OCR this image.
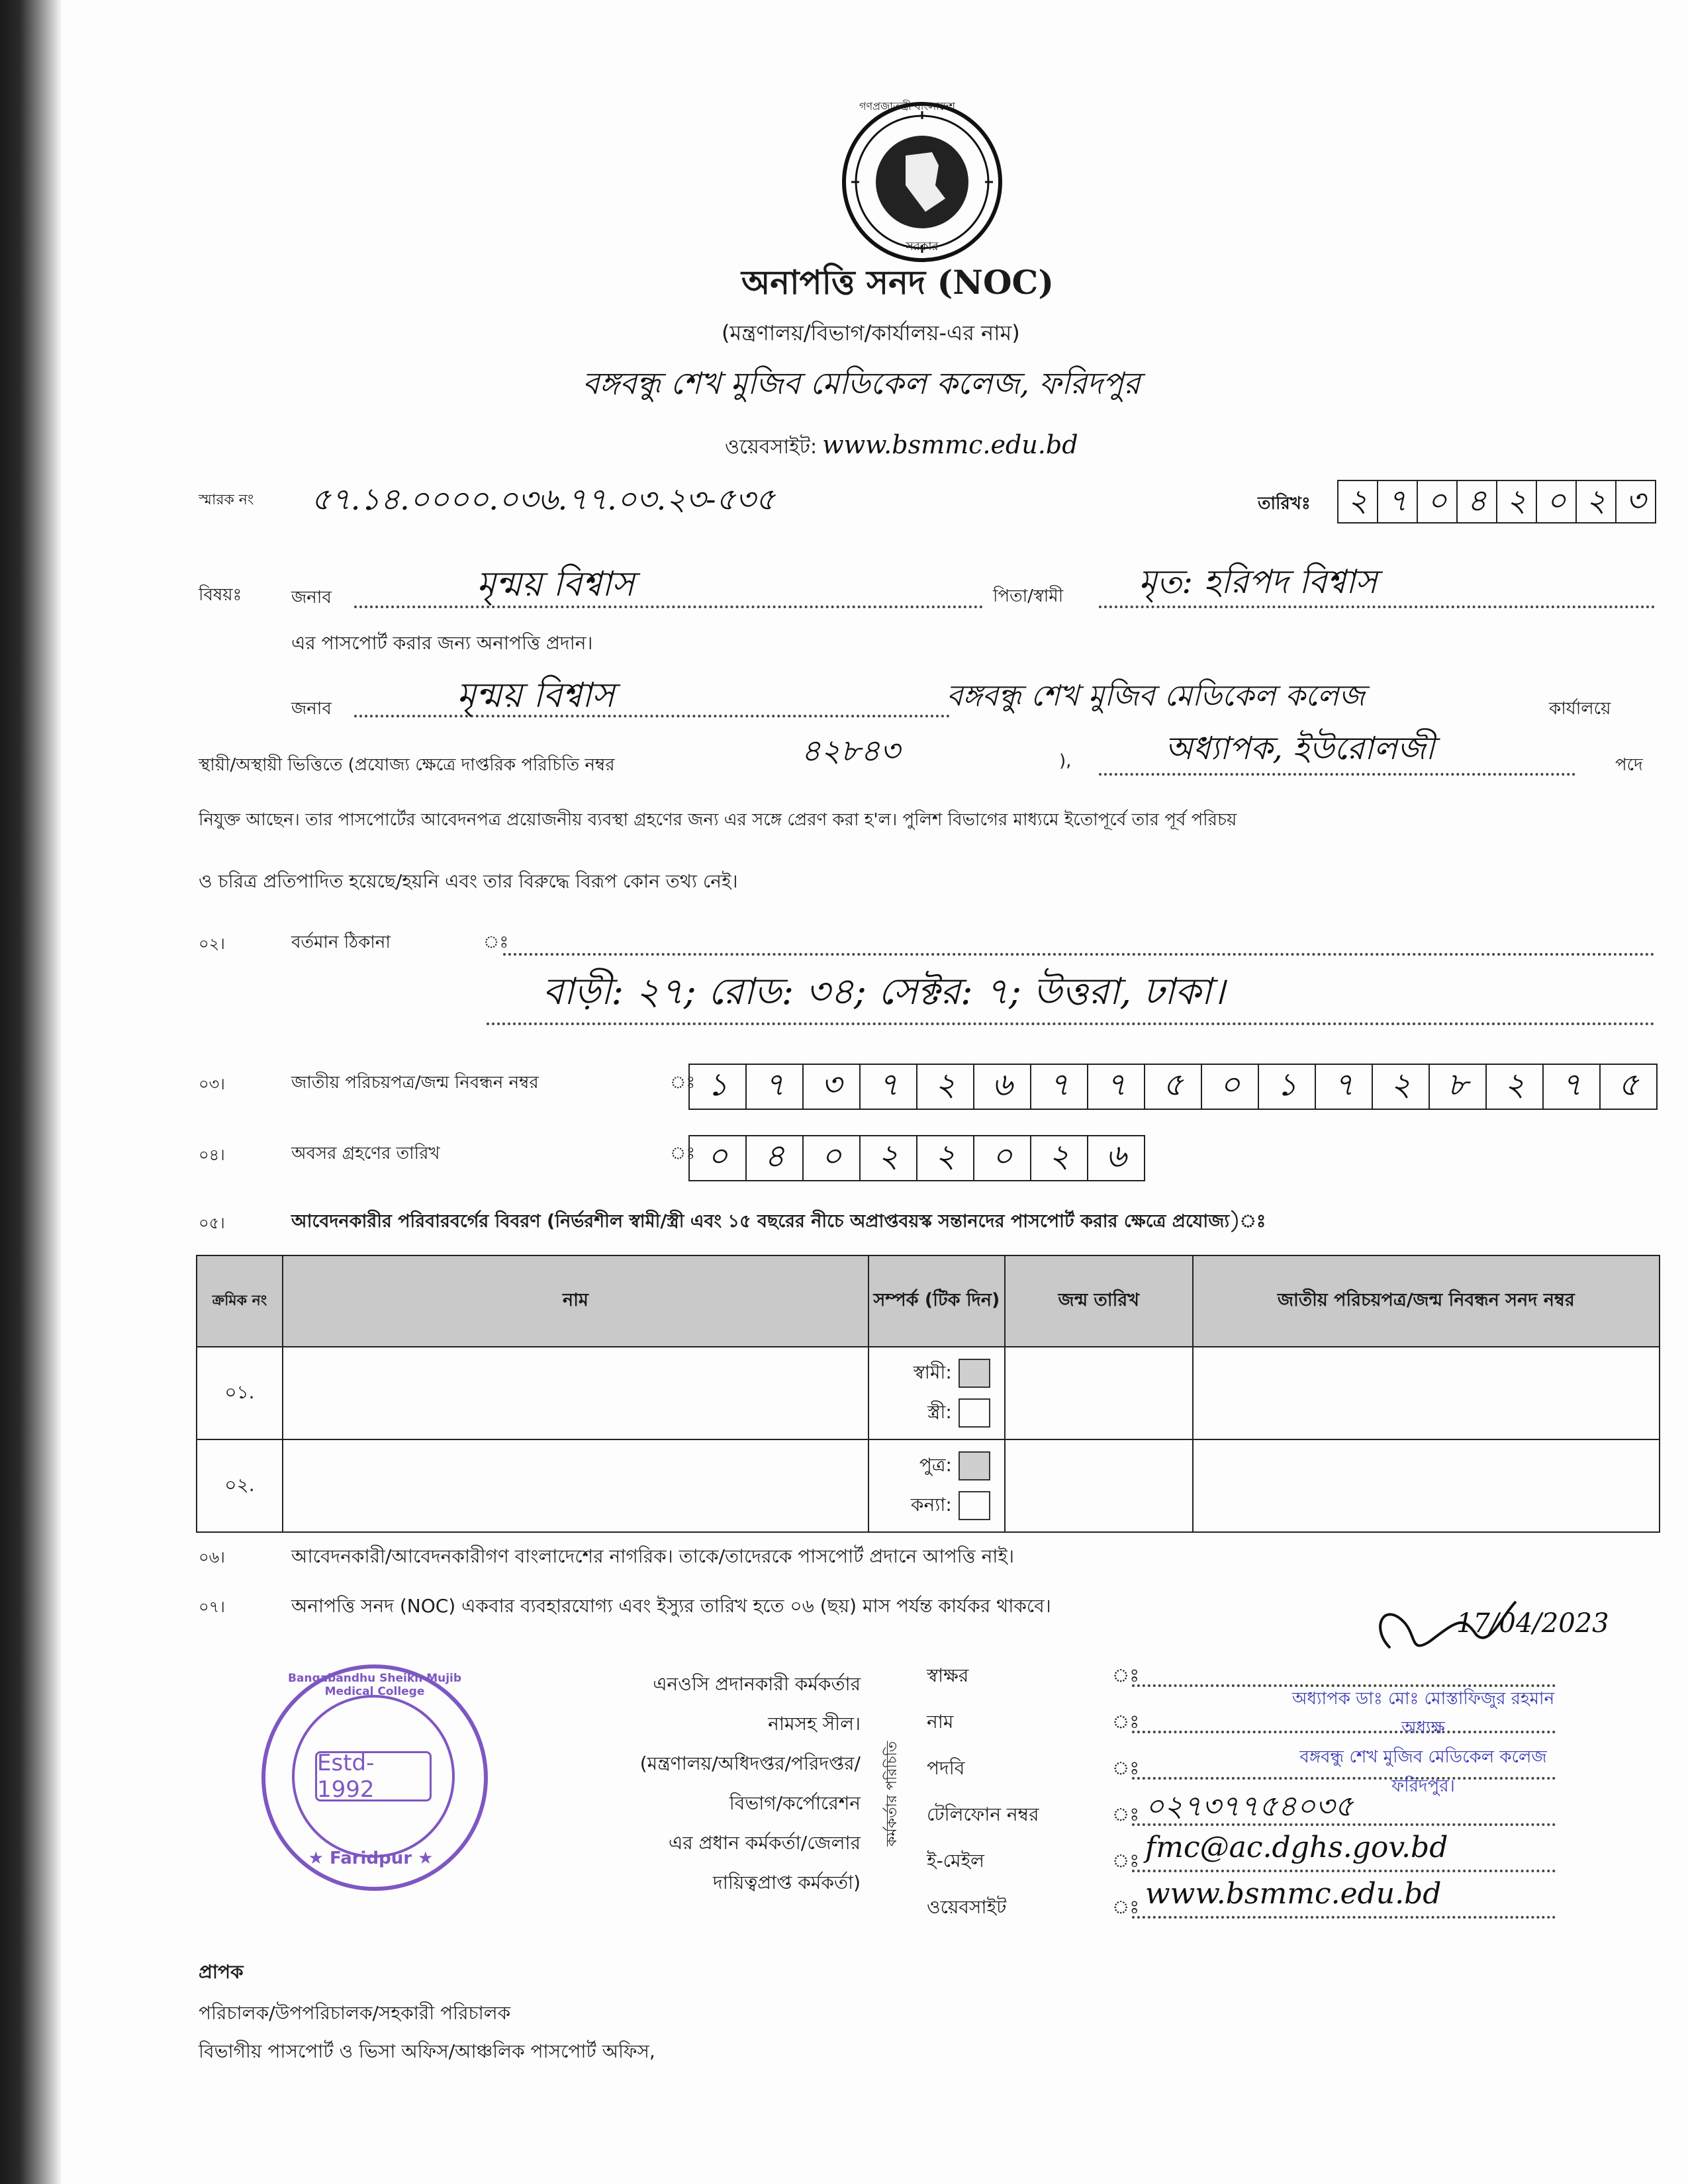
গণপ্রজাতন্ত্রী বাংলাদেশ
সরকার
অনাপত্তি সনদ (NOC)
(মন্ত্রণালয়/বিভাগ/কার্যালয়-এর নাম)
বঙ্গবন্ধু শেখ মুজিব মেডিকেল কলেজ, ফরিদপুর
ওয়েবসাইট: www.bsmmc.edu.bd
স্মারক নং ৫৭.১৪.০০০০.০৩৬.৭৭.০৩.২৩-৫৩৫	তারিখঃ	২ ৭ ০ ৪ ২ ০ ২ ৩
বিষয়ঃ	জনাব	মৃন্ময় বিশ্বাস	পিতা/স্বামী মৃত: হরিপদ বিশ্বাস
এর পাসপোর্ট করার জন্য অনাপত্তি প্রদান।
জনাব	মৃন্ময় বিশ্বাস	বঙ্গবন্ধু শেখ মুজিব মেডিকেল কলেজ	কার্যালয়ে
স্থায়ী/অস্থায়ী ভিত্তিতে (প্রযোজ্য ক্ষেত্রে দাপ্তরিক পরিচিতি নম্বর	৪২৮৪৩	),	অধ্যাপক, ইউরোলজী	পদে
নিযুক্ত আছেন। তার পাসপোর্টের আবেদনপত্র প্রয়োজনীয় ব্যবস্থা গ্রহণের জন্য এর সঙ্গে প্রেরণ করা হ'ল। পুলিশ বিভাগের মাধ্যমে ইতোপূর্বে তার পূর্ব পরিচয়
ও চরিত্র প্রতিপাদিত হয়েছে/হয়নি এবং তার বিরুদ্ধে বিরূপ কোন তথ্য নেই।
০২।	বর্তমান ঠিকানা	ঃ
বাড়ী: ২৭; রোড: ৩৪; সেক্টর: ৭; উত্তরা, ঢাকা।
০৩।	জাতীয় পরিচয়পত্র/জন্ম নিবন্ধন নম্বর	ঃ ১	৭	৩	৭	২	৬	৭	৭	৫	০	১	৭	২	৮	২	৭	৫
০৪।	অবসর গ্রহণের তারিখ	ঃ ০	৪	০	২	২	০	২	৬
০৫।	আবেদনকারীর পরিবারবর্গের বিবরণ (নির্ভরশীল স্বামী/স্ত্রী এবং ১৫ বছরের নীচে অপ্রাপ্তবয়স্ক সন্তানদের পাসপোর্ট করার ক্ষেত্রে প্রযোজ্য)ঃ
ক্রমিক নং	নাম	সম্পর্ক (টিক দিন)	জন্ম তারিখ	জাতীয় পরিচয়পত্র/জন্ম নিবন্ধন সনদ নম্বর
০১.		স্বামী:
স্ত্রী:		

০২.		পুত্র:
কন্যা:		

০৬।	আবেদনকারী/আবেদনকারীগণ বাংলাদেশের নাগরিক। তাকে/তাদেরকে পাসপোর্ট প্রদানে আপত্তি নাই।
০৭।	অনাপত্তি সনদ (NOC) একবার ব্যবহারযোগ্য এবং ইস্যুর তারিখ হতে ০৬ (ছয়) মাস পর্যন্ত কার্যকর থাকবে।
17/04/2023
এনওসি প্রদানকারী কর্মকর্তার
নামসহ সীল।
(মন্ত্রণালয়/অধিদপ্তর/পরিদপ্তর/
বিভাগ/কর্পোরেশন
এর প্রধান কর্মকর্তা/জেলার
দায়িত্বপ্রাপ্ত কর্মকর্তা)
কর্মকর্তার পরিচিতি
স্বাক্ষর	ঃ
নাম	ঃ
পদবি	ঃ
টেলিফোন নম্বর	ঃ ০২৭৩৭৭৫৪০৩৫
ই-মেইল	ঃ fmc@ac.dghs.gov.bd
ওয়েবসাইট	ঃ www.bsmmc.edu.bd
অধ্যাপক ডাঃ মোঃ মোস্তাফিজুর রহমান
অধ্যক্ষ
বঙ্গবন্ধু শেখ মুজিব মেডিকেল কলেজ
ফরিদপুর।
Estd-1992
Bangabandhu Sheikh Mujib Medical College
★ Faridpur ★
প্রাপক
পরিচালক/উপপরিচালক/সহকারী পরিচালক
বিভাগীয় পাসপোর্ট ও ভিসা অফিস/আঞ্চলিক পাসপোর্ট অফিস,
